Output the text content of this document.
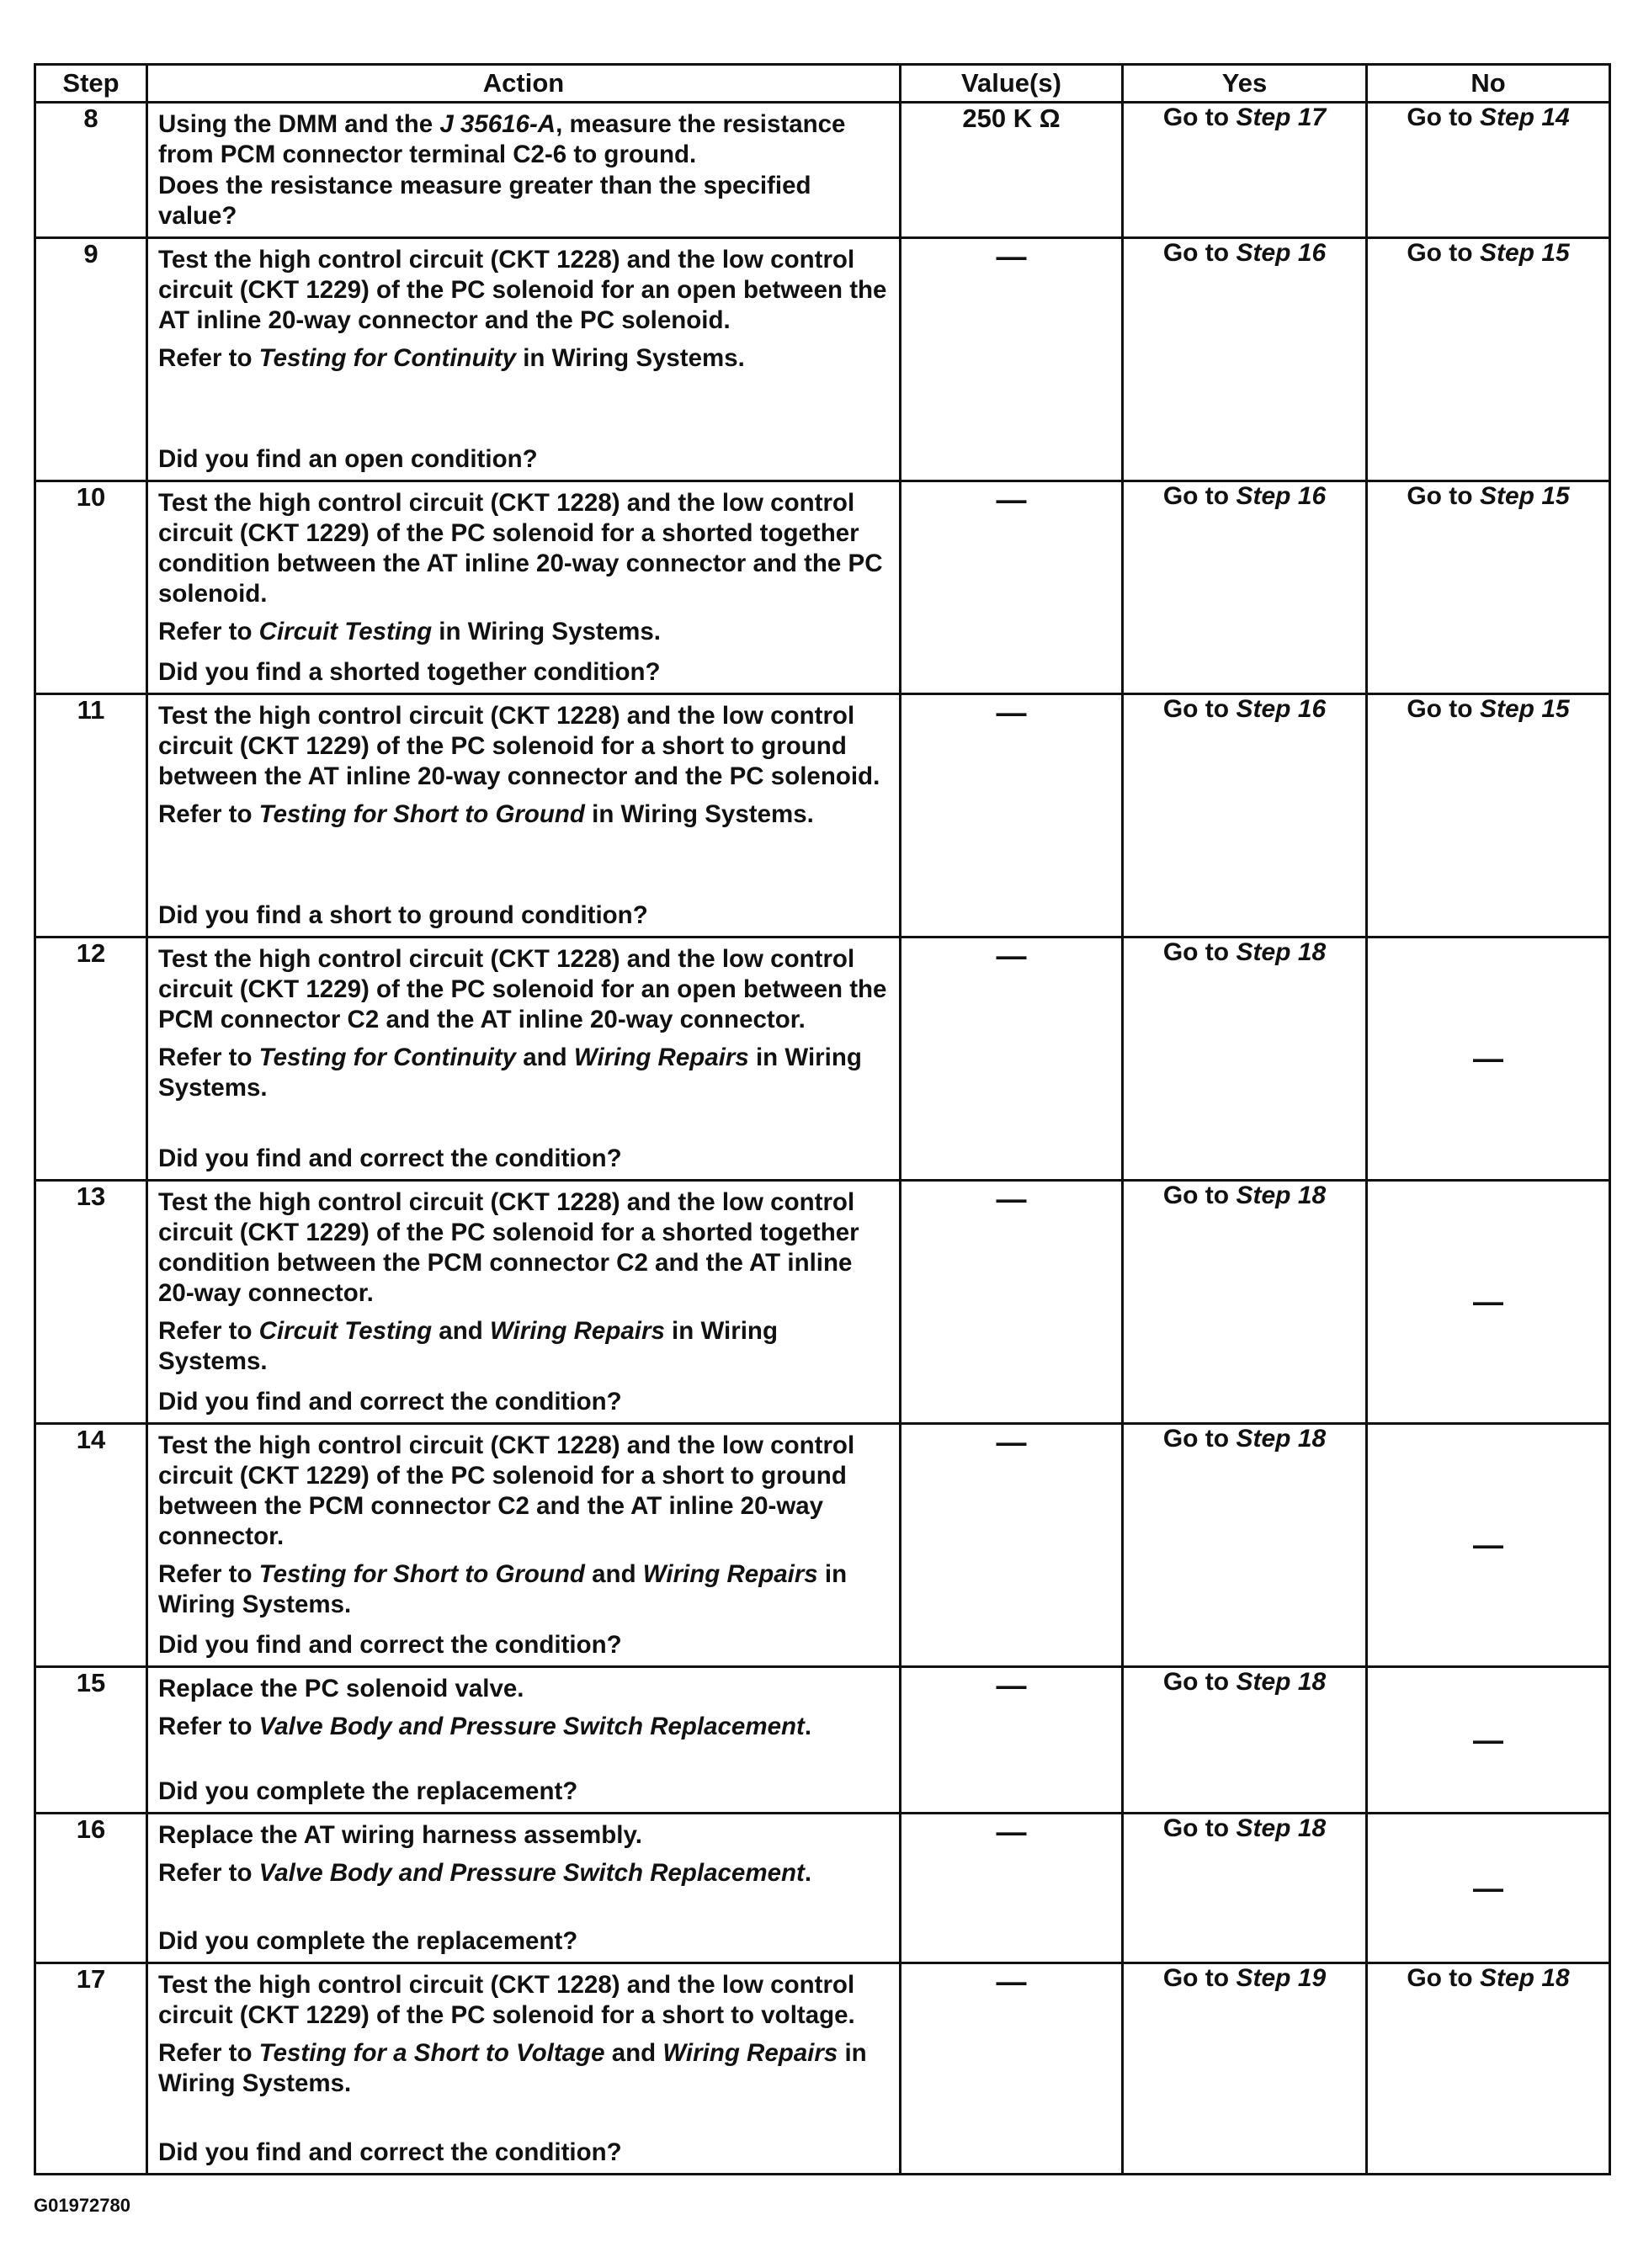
Step	Action	Value(s)	Yes	No
8	Using the DMM and the J 35616-A, measure the resistance from PCM connector terminal C2-6 to ground.

Does the resistance measure greater than the specified value?	250 K Ω	Go to Step 17	Go to Step 14
9	Test the high control circuit (CKT 1228) and the low control circuit (CKT 1229) of the PC solenoid for an open between the AT inline 20-way connector and the PC solenoid.

Refer to Testing for Continuity in Wiring Systems.

Did you find an open condition?	—	Go to Step 16	Go to Step 15
10	Test the high control circuit (CKT 1228) and the low control circuit (CKT 1229) of the PC solenoid for a shorted together condition between the AT inline 20-way connector and the PC solenoid.

Refer to Circuit Testing in Wiring Systems.

Did you find a shorted together condition?	—	Go to Step 16	Go to Step 15
11	Test the high control circuit (CKT 1228) and the low control circuit (CKT 1229) of the PC solenoid for a short to ground between the AT inline 20-way connector and the PC solenoid.

Refer to Testing for Short to Ground in Wiring Systems.

Did you find a short to ground condition?	—	Go to Step 16	Go to Step 15
12	Test the high control circuit (CKT 1228) and the low control circuit (CKT 1229) of the PC solenoid for an open between the PCM connector C2 and the AT inline 20-way connector.

Refer to Testing for Continuity and Wiring Repairs in Wiring Systems.

Did you find and correct the condition?	—	Go to Step 18	—
13	Test the high control circuit (CKT 1228) and the low control circuit (CKT 1229) of the PC solenoid for a shorted together condition between the PCM connector C2 and the AT inline 20-way connector.

Refer to Circuit Testing and Wiring Repairs in Wiring Systems.

Did you find and correct the condition?	—	Go to Step 18	—
14	Test the high control circuit (CKT 1228) and the low control circuit (CKT 1229) of the PC solenoid for a short to ground between the PCM connector C2 and the AT inline 20-way connector.

Refer to Testing for Short to Ground and Wiring Repairs in Wiring Systems.

Did you find and correct the condition?	—	Go to Step 18	—
15	Replace the PC solenoid valve.

Refer to Valve Body and Pressure Switch Replacement.

Did you complete the replacement?	—	Go to Step 18	—
16	Replace the AT wiring harness assembly.

Refer to Valve Body and Pressure Switch Replacement.

Did you complete the replacement?	—	Go to Step 18	—
17	Test the high control circuit (CKT 1228) and the low control circuit (CKT 1229) of the PC solenoid for a short to voltage.

Refer to Testing for a Short to Voltage and Wiring Repairs in Wiring Systems.

Did you find and correct the condition?	—	Go to Step 19	Go to Step 18
G01972780
